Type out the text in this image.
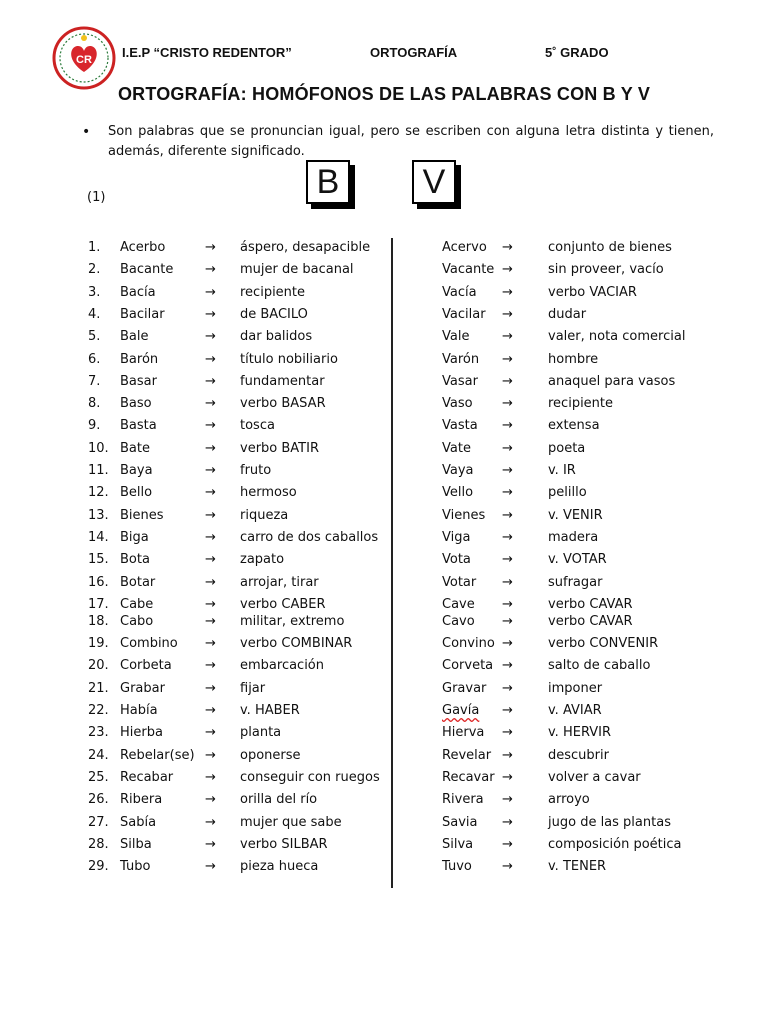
CR I.E.P “CRISTO REDENTOR”	ORTOGRAFÍA	5˚ GRADO
ORTOGRAFÍA: HOMÓFONOS DE LAS PALABRAS CON B Y V
•	Son palabras que se pronuncian igual, pero se escriben con alguna letra distinta y tienen, además, diferente significado.
B	V
(1)
1. Acerbo	→ áspero, desapacible	Acervo →	conjunto de bienes
2. Bacante → mujer de bacanal	Vacante →	sin proveer, vacío
3. Bacía	→ recipiente	Vacía →	verbo VACIAR
4. Bacilar	→ de BACILO	Vacilar →	dudar
5. Bale	→ dar balidos	Vale	→	valer, nota comercial
6. Barón	→ título nobiliario	Varón →	hombre
7. Basar	→ fundamentar	Vasar →	anaquel para vasos
8. Baso	→ verbo BASAR	Vaso →	recipiente
9. Basta	→ tosca	Vasta →	extensa
10. Bate	→ verbo BATIR	Vate →	poeta
11. Baya	→ fruto	Vaya →	v. IR
12. Bello	→ hermoso	Vello →	pelillo
13. Bienes	→ riqueza	Vienes →	v. VENIR
14. Biga	→ carro de dos caballos	Viga →	madera
15. Bota	→ zapato	Vota →	v. VOTAR
16. Botar	→ arrojar, tirar	Votar →	sufragar
17. Cabe	→ verbo CABER	Cave →	verbo CAVAR
18. Cabo	→ militar, extremo	Cavo →	verbo CAVAR
19. Combino → verbo COMBINAR	Convino →	verbo CONVENIR
20. Corbeta	→ embarcación	Corveta →	salto de caballo
21. Grabar	→ fijar	Gravar →	imponer
22. Había	→ v. HABER	Gavía →	v. AVIAR
23. Hierba	→ planta	Hierva →	v. HERVIR
24. Rebelar(se) → oponerse	Revelar →	descubrir
25. Recabar → conseguir con ruegos	Recavar →	volver a cavar
26. Ribera	→ orilla del río	Rivera →	arroyo
27. Sabía	→ mujer que sabe	Savia →	jugo de las plantas
28. Silba	→ verbo SILBAR	Silva →	composición poética
29. Tubo	→ pieza hueca	Tuvo →	v. TENER
